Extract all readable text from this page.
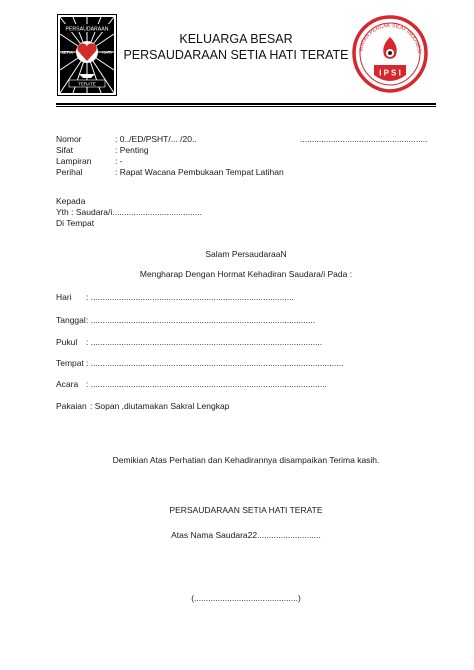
PERSAUDARAAN
SETIA	HATI
TERATE
KELUARGA BESAR
PERSAUDARAAN SETIA HATI TERATE	IKATAN PENCAK SILAT INDONESI
I P S I
Nomor	: 0../ED/PSHT/... /20..	......................................................
Sifat	: Penting
Lampiran	: -
Perihal	: Rapat Wacana Pembukaan Tempat Latihan
Kepada
Yth : Saudara/i......................................
Di Tempat
Salam PersaudaraaN
Mengharap Dengan Hormat Kehadiran Saudara/i Pada :
Hari : ......................................................................................
Tanggal : ...............................................................................................
Pukul : ..................................................................................................
Tempat : ...........................................................................................................
Acara : ....................................................................................................
Pakaian : Sopan ,diutamakan Sakral Lengkap
Demikian Atas Perhatian dan Kehadirannya disampaikan Terima kasih.
PERSAUDARAAN SETIA HATI TERATE
Atas Nama Saudara22...........................
(............................................)
